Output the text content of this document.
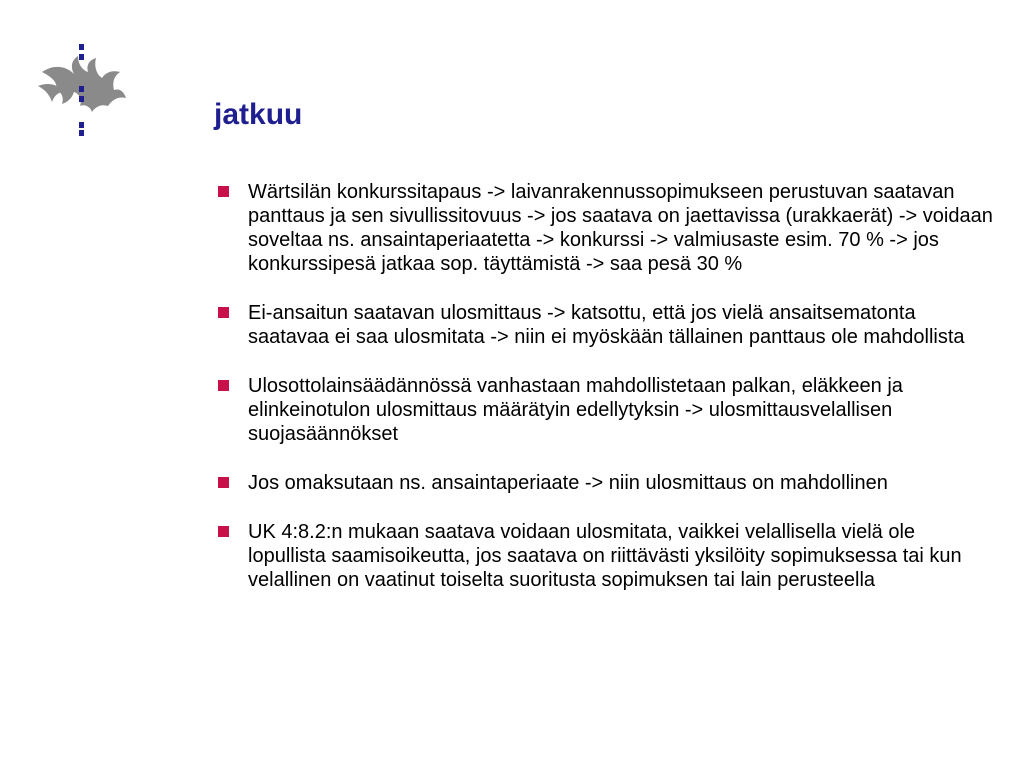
jatkuu
Wärtsilän konkurssitapaus -> laivanrakennussopimukseen perustuvan saatavan panttaus ja sen sivullissitovuus -> jos saatava on jaettavissa (urakkaerät) -> voidaan soveltaa ns. ansaintaperiaatetta -> konkurssi -> valmiusaste esim. 70 % -> jos konkurssipesä jatkaa sop. täyttämistä -> saa pesä 30 %
Ei-ansaitun saatavan ulosmittaus -> katsottu, että jos vielä ansaitsematonta saatavaa ei saa ulosmitata -> niin ei myöskään tällainen panttaus ole mahdollista
Ulosottolainsäädännössä vanhastaan mahdollistetaan palkan, eläkkeen ja elinkeinotulon ulosmittaus määrätyin edellytyksin -> ulosmittausvelallisen suojasäännökset
Jos omaksutaan ns. ansaintaperiaate -> niin ulosmittaus on mahdollinen
UK 4:8.2:n mukaan saatava voidaan ulosmitata, vaikkei velallisella vielä ole lopullista saamisoikeutta, jos saatava on riittävästi yksilöity sopimuksessa tai kun velallinen on vaatinut toiselta suoritusta sopimuksen tai lain perusteella
